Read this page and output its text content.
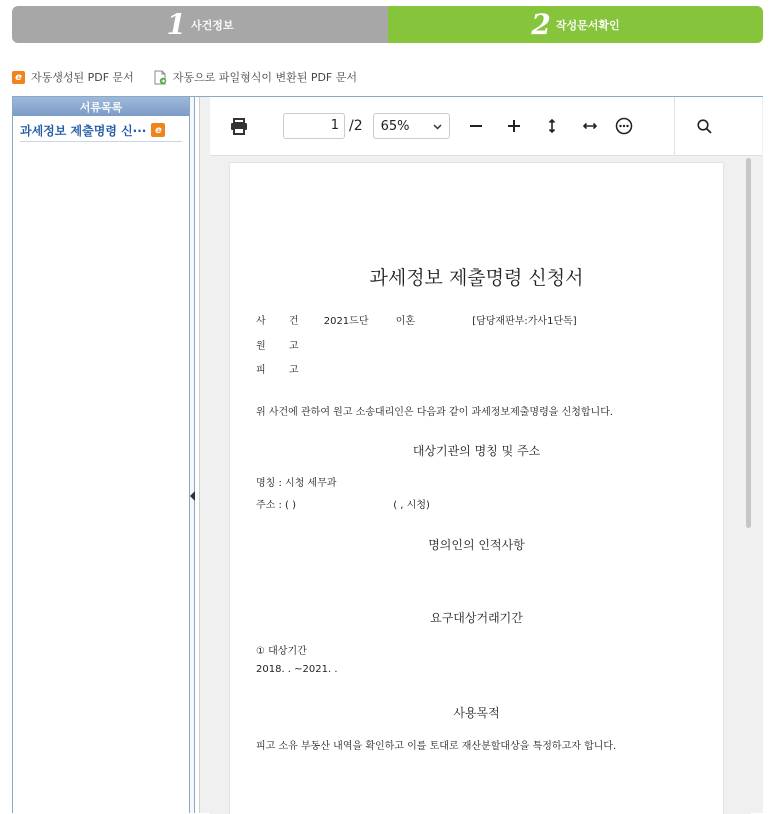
1 사건정보	2 작성문서확인
e 자동생성된 PDF 문서	자동으로 파일형식이 변환된 PDF 문서
서류목록
과세정보 제출명령 신··· e	1 /2 65%
과세정보 제출명령 신청서
사 건	2021드단	이혼	[담당재판부:가사1단독]
원 고
피 고
위 사건에 관하여 원고 소송대리인은 다음과 같이 과세정보제출명령을 신청합니다.
대상기관의 명칭 및 주소
명칭 : 시청 세무과
주소 : ( )	( , 시청)
명의인의 인적사항
요구대상거래기간
① 대상기간
2018. . ~2021. .
사용목적
피고 소유 부동산 내역을 확인하고 이를 토대로 재산분할대상을 특정하고자 합니다.
